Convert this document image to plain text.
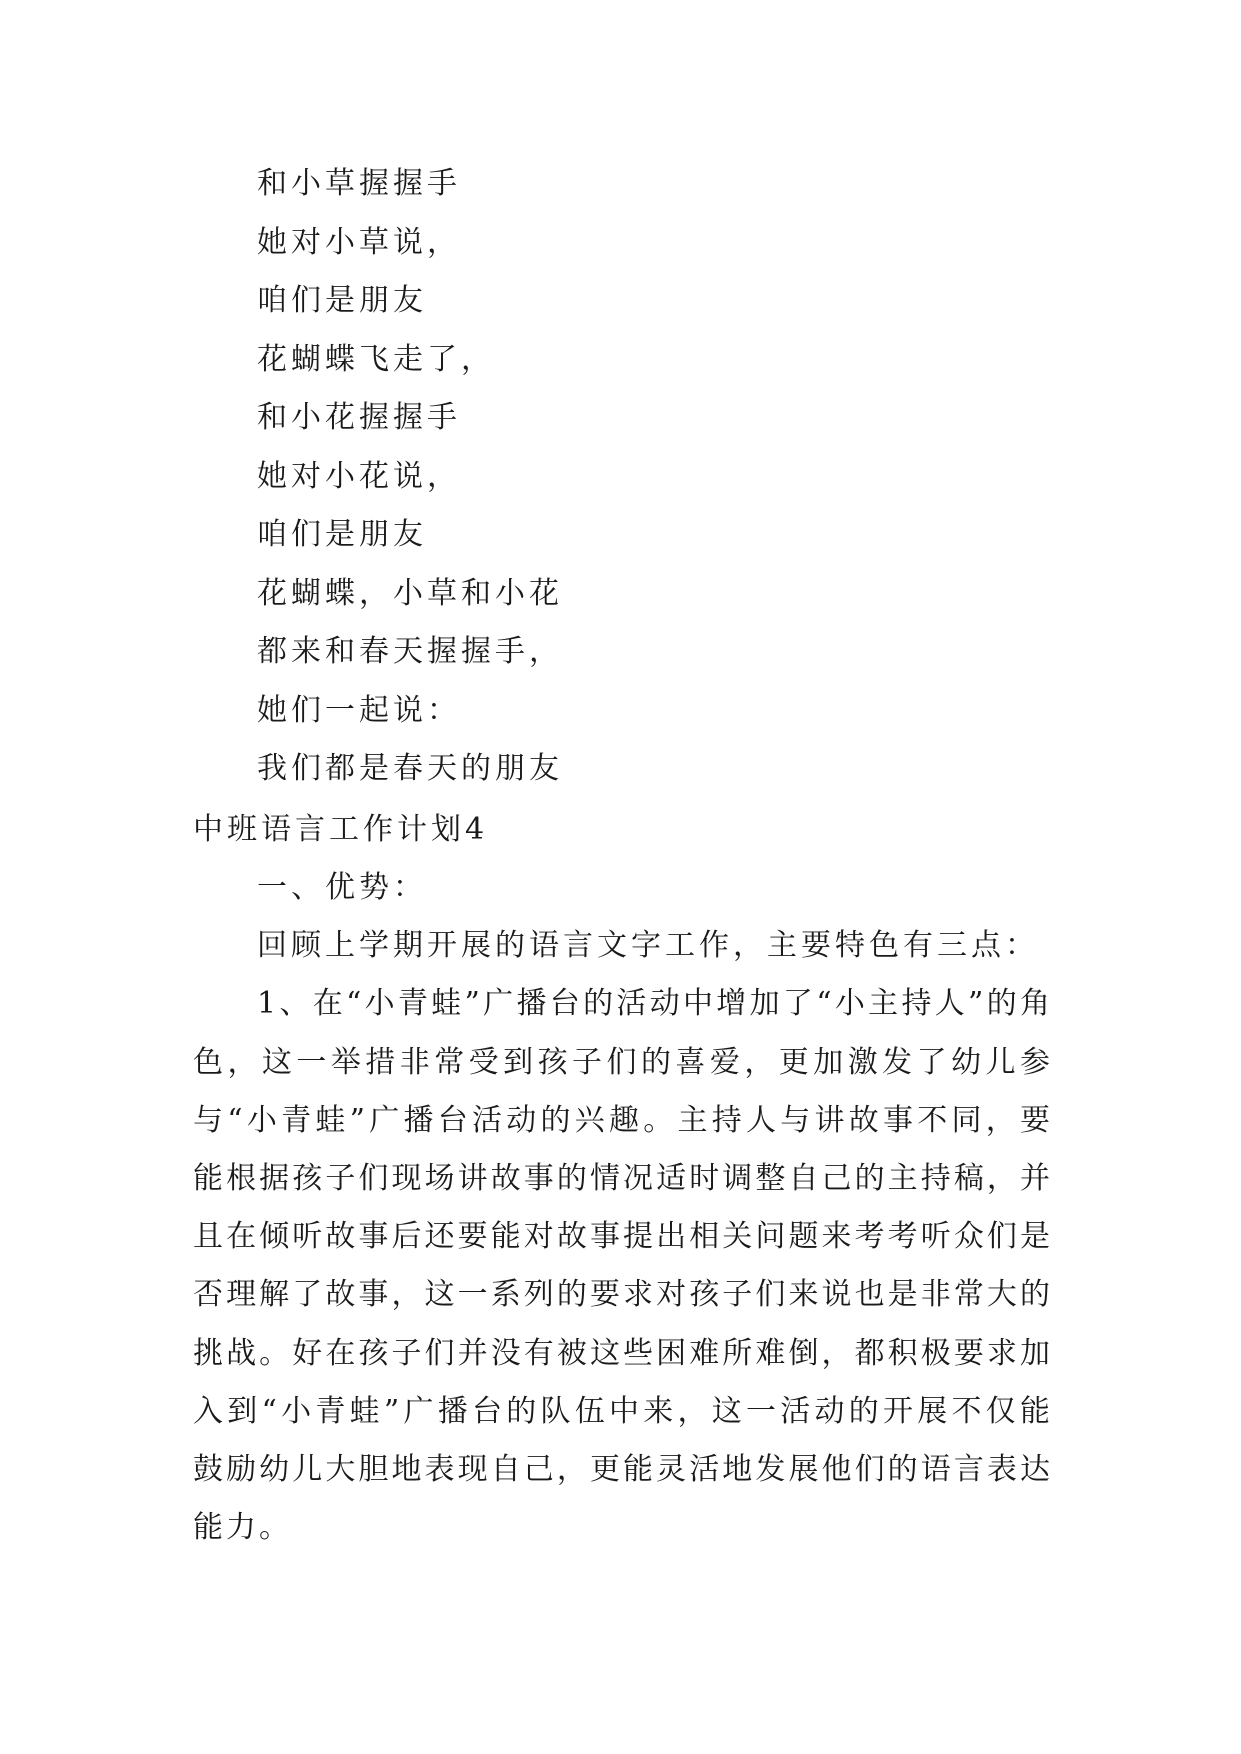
和小草握握手
她对小草说，
咱们是朋友
花蝴蝶飞走了，
和小花握握手
她对小花说，
咱们是朋友
花蝴蝶，小草和小花
都来和春天握握手，
她们一起说：
我们都是春天的朋友
中班语言工作计划4

一、优势：

回顾上学期开展的语言文字工作，主要特色有三点：

1、在“小青蛙”广播台的活动中增加了“小主持人”的角色，这一举措非常受到孩子们的喜爱，更加激发了幼儿参与“小青蛙”广播台活动的兴趣。主持人与讲故事不同，要能根据孩子们现场讲故事的情况适时调整自己的主持稿，并且在倾听故事后还要能对故事提出相关问题来考考听众们是否理解了故事，这一系列的要求对孩子们来说也是非常大的挑战。好在孩子们并没有被这些困难所难倒，都积极要求加入到“小青蛙”广播台的队伍中来，这一活动的开展不仅能鼓励幼儿大胆地表现自己，更能灵活地发展他们的语言表达能力。
